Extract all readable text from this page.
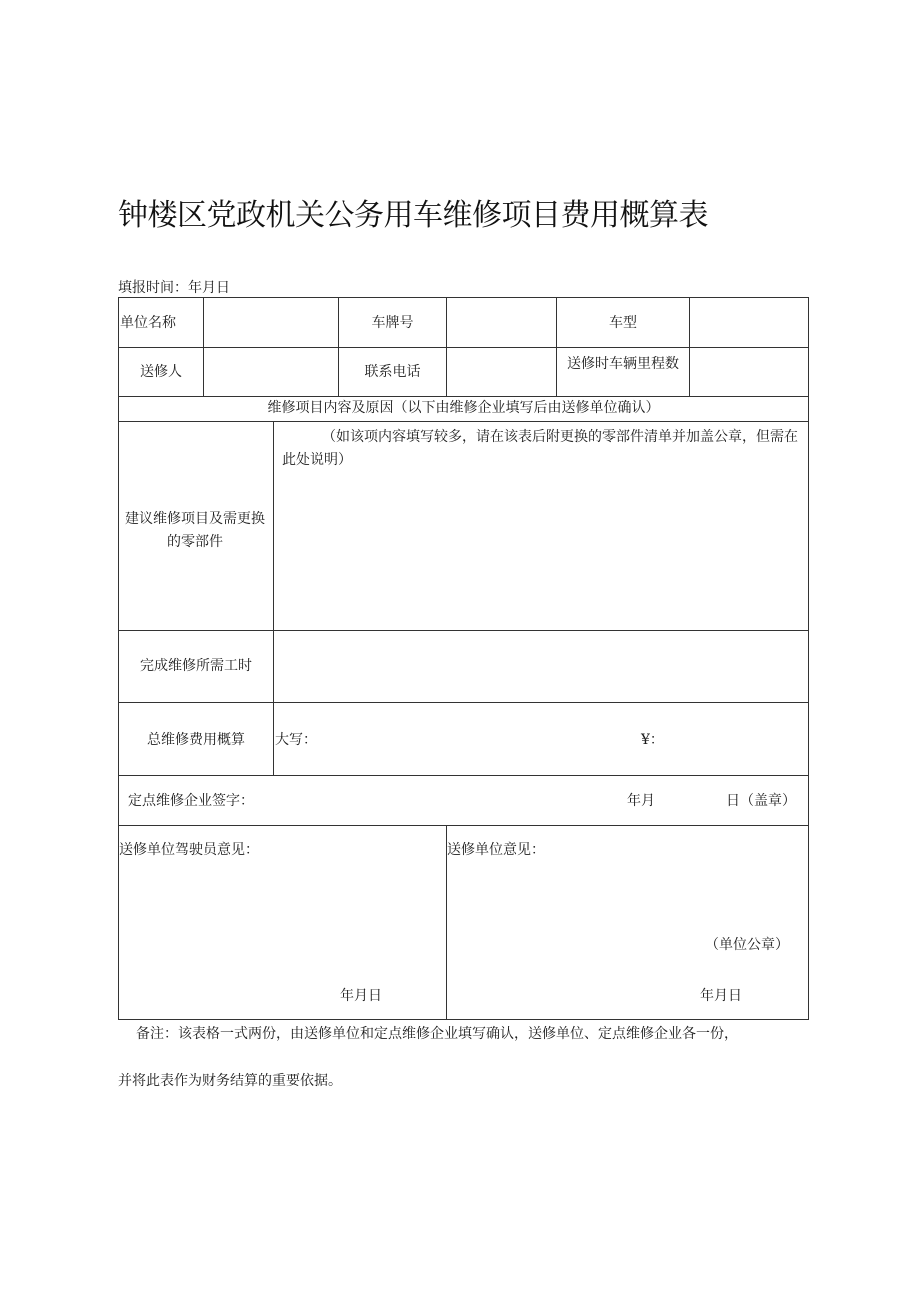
钟楼区党政机关公务用车维修项目费用概算表
填报时间：年月日
单位名称	车牌号	车型
送修人	联系电话	送修时车辆里程数
维修项目内容及原因（以下由维修企业填写后由送修单位确认）
建议维修项目及需更换的零部件
（如该项内容填写较多，请在该表后附更换的零部件清单并加盖公章，但需在此处说明）
完成维修所需工时
总维修费用概算	大写：	¥：
定点维修企业签字：	年月	日（盖章）
送修单位驾驶员意见：
年月日
送修单位意见：
（单位公章）
年月日
备注：该表格一式两份，由送修单位和定点维修企业填写确认，送修单位、定点维修企业各一份，
并将此表作为财务结算的重要依据。
